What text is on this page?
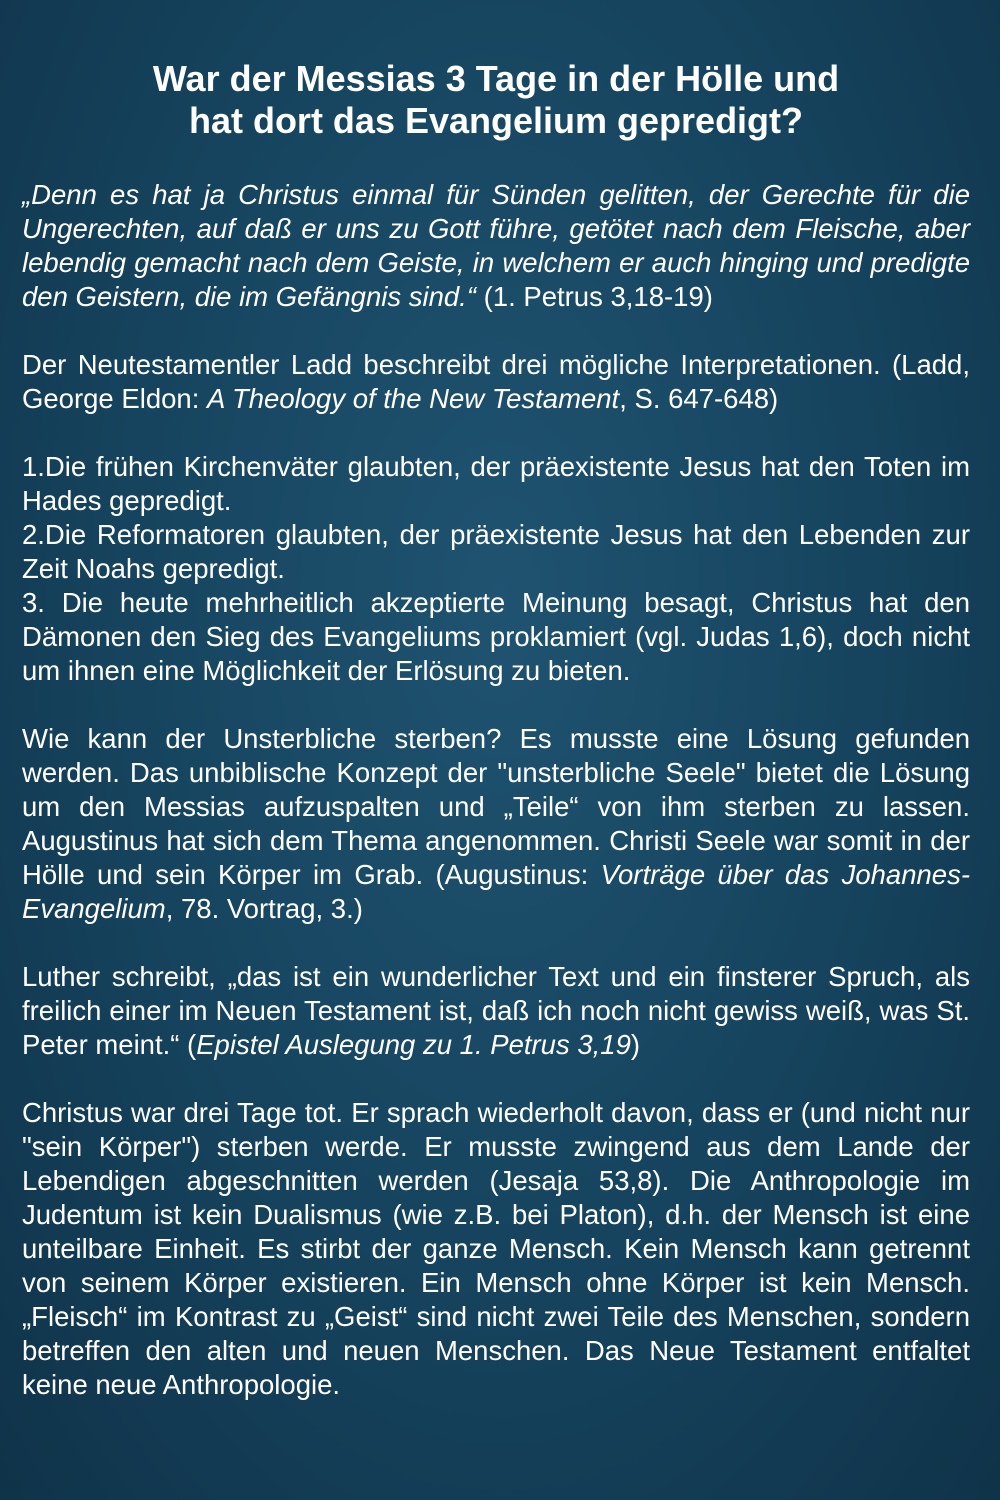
War der Messias 3 Tage in der Hölle und
hat dort das Evangelium gepredigt?

„Denn es hat ja Christus einmal für Sünden gelitten, der Gerechte für die Ungerechten, auf daß er uns zu Gott führe, getötet nach dem Fleische, aber lebendig gemacht nach dem Geiste, in welchem er auch hinging und predigte den Geistern, die im Gefängnis sind.“ (1. Petrus 3,18-19)

Der Neutestamentler Ladd beschreibt drei mögliche Interpretationen. (Ladd, George Eldon: A Theology of the New Testament, S. 647-648)

1.Die frühen Kirchenväter glaubten, der präexistente Jesus hat den Toten im Hades gepredigt.

2.Die Reformatoren glaubten, der präexistente Jesus hat den Lebenden zur Zeit Noahs gepredigt.

3. Die heute mehrheitlich akzeptierte Meinung besagt, Christus hat den Dämonen den Sieg des Evangeliums proklamiert (vgl. Judas 1,6), doch nicht um ihnen eine Möglichkeit der Erlösung zu bieten.

Wie kann der Unsterbliche sterben? Es musste eine Lösung gefunden werden. Das unbiblische Konzept der "unsterbliche Seele" bietet die Lösung um den Messias aufzuspalten und „Teile“ von ihm sterben zu lassen. Augustinus hat sich dem Thema angenommen. Christi Seele war somit in der Hölle und sein Körper im Grab. (Augustinus: Vorträge über das Johannes-Evangelium, 78. Vortrag, 3.)

Luther schreibt, „das ist ein wunderlicher Text und ein finsterer Spruch, als freilich einer im Neuen Testament ist, daß ich noch nicht gewiss weiß, was St. Peter meint.“ (Epistel Auslegung zu 1. Petrus 3,19)

Christus war drei Tage tot. Er sprach wiederholt davon, dass er (und nicht nur "sein Körper") sterben werde. Er musste zwingend aus dem Lande der Lebendigen abgeschnitten werden (Jesaja 53,8). Die Anthropologie im Judentum ist kein Dualismus (wie z.B. bei Platon), d.h. der Mensch ist eine unteilbare Einheit. Es stirbt der ganze Mensch. Kein Mensch kann getrennt von seinem Körper existieren. Ein Mensch ohne Körper ist kein Mensch. „Fleisch“ im Kontrast zu „Geist“ sind nicht zwei Teile des Menschen, sondern betreffen den alten und neuen Menschen. Das Neue Testament entfaltet keine neue Anthropologie.
